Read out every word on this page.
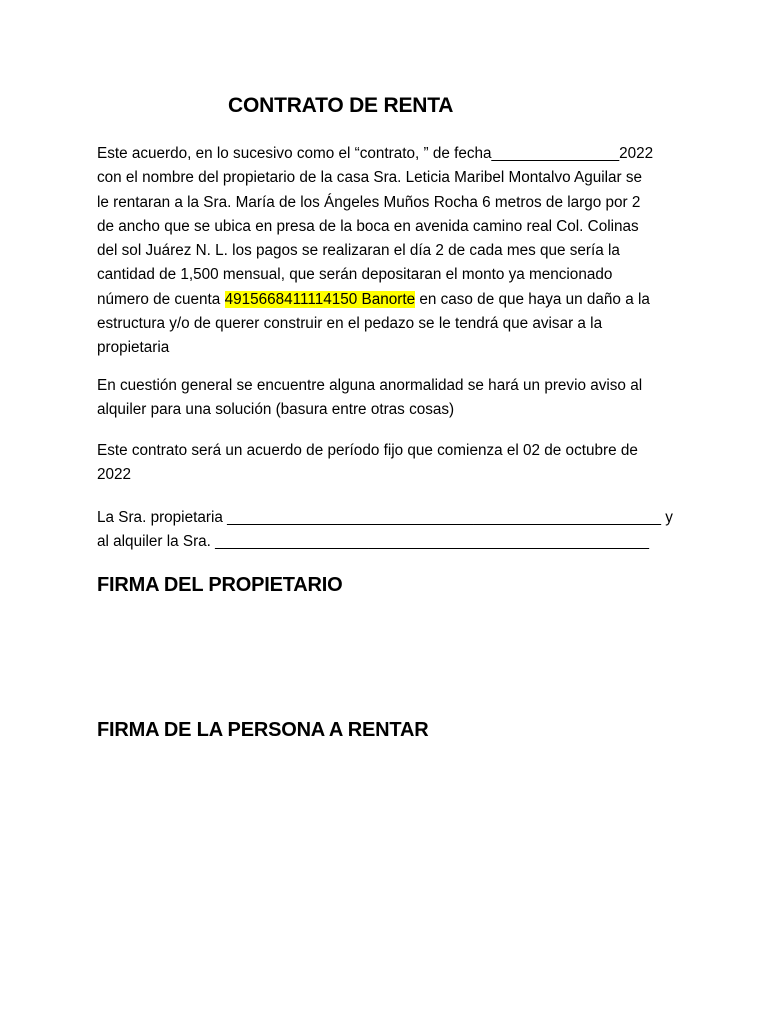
CONTRATO DE RENTA

Este acuerdo, en lo sucesivo como el “contrato, ” de fecha_______________2022
con el nombre del propietario de la casa Sra. Leticia Maribel Montalvo Aguilar se
le rentaran a la Sra. María de los Ángeles Muños Rocha 6 metros de largo por 2
de ancho que se ubica en presa de la boca en avenida camino real Col. Colinas
del sol Juárez N. L. los pagos se realizaran el día 2 de cada mes que sería la
cantidad de 1,500 mensual, que serán depositaran el monto ya mencionado
número de cuenta 4915668411114150 Banorte en caso de que haya un daño a la
estructura y/o de querer construir en el pedazo se le tendrá que avisar a la
propietaria

En cuestión general se encuentre alguna anormalidad se hará un previo aviso al
alquiler para una solución (basura entre otras cosas)

Este contrato será un acuerdo de período fijo que comienza el 02 de octubre de
2022

La Sra. propietaria ___________________________________________________ y
al alquiler la Sra. ___________________________________________________

FIRMA DEL PROPIETARIO
FIRMA DE LA PERSONA A RENTAR
